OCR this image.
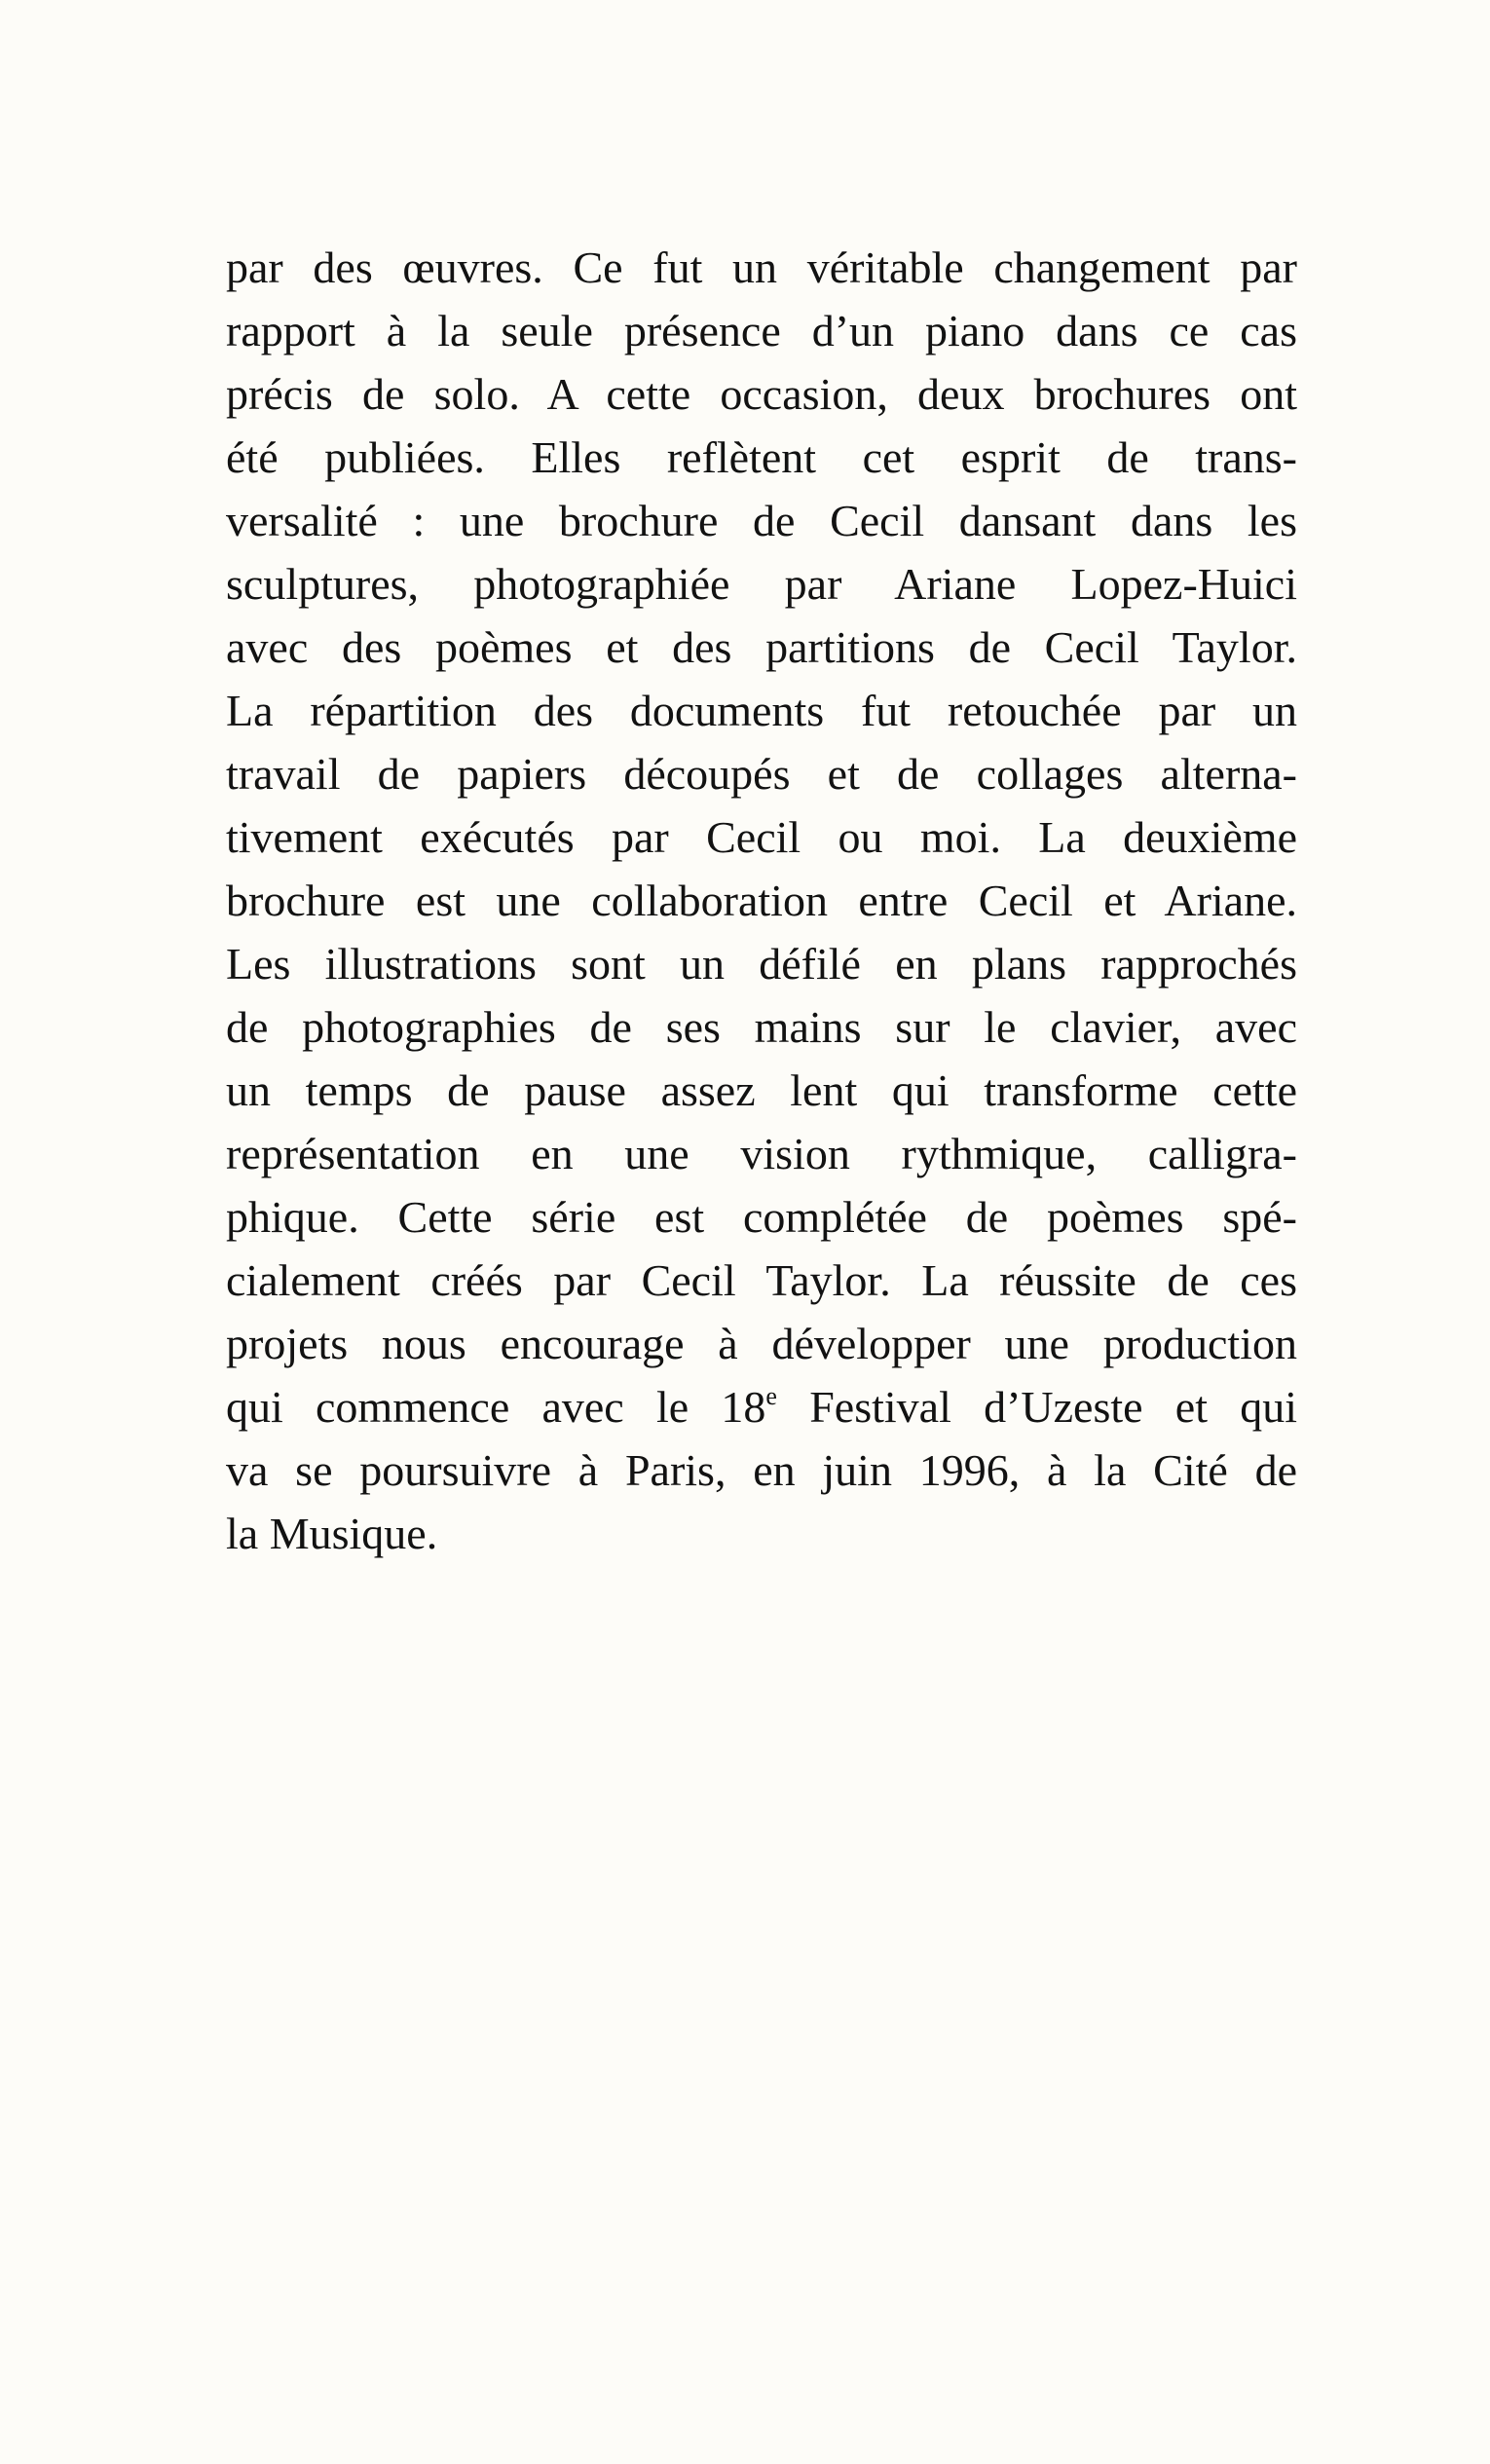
par des œuvres. Ce fut un véritable changement par
rapport à la seule présence d’un piano dans ce cas
précis de solo. A cette occasion, deux brochures ont
été publiées. Elles reflètent cet esprit de trans-
versalité : une brochure de Cecil dansant dans les
sculptures, photographiée par Ariane Lopez-Huici
avec des poèmes et des partitions de Cecil Taylor.
La répartition des documents fut retouchée par un
travail de papiers découpés et de collages alterna-
tivement exécutés par Cecil ou moi. La deuxième
brochure est une collaboration entre Cecil et Ariane.
Les illustrations sont un défilé en plans rapprochés
de photographies de ses mains sur le clavier, avec
un temps de pause assez lent qui transforme cette
représentation en une vision rythmique, calligra-
phique. Cette série est complétée de poèmes spé-
cialement créés par Cecil Taylor. La réussite de ces
projets nous encourage à développer une production
qui commence avec le 18e Festival d’Uzeste et qui
va se poursuivre à Paris, en juin 1996, à la Cité de
la Musique.
